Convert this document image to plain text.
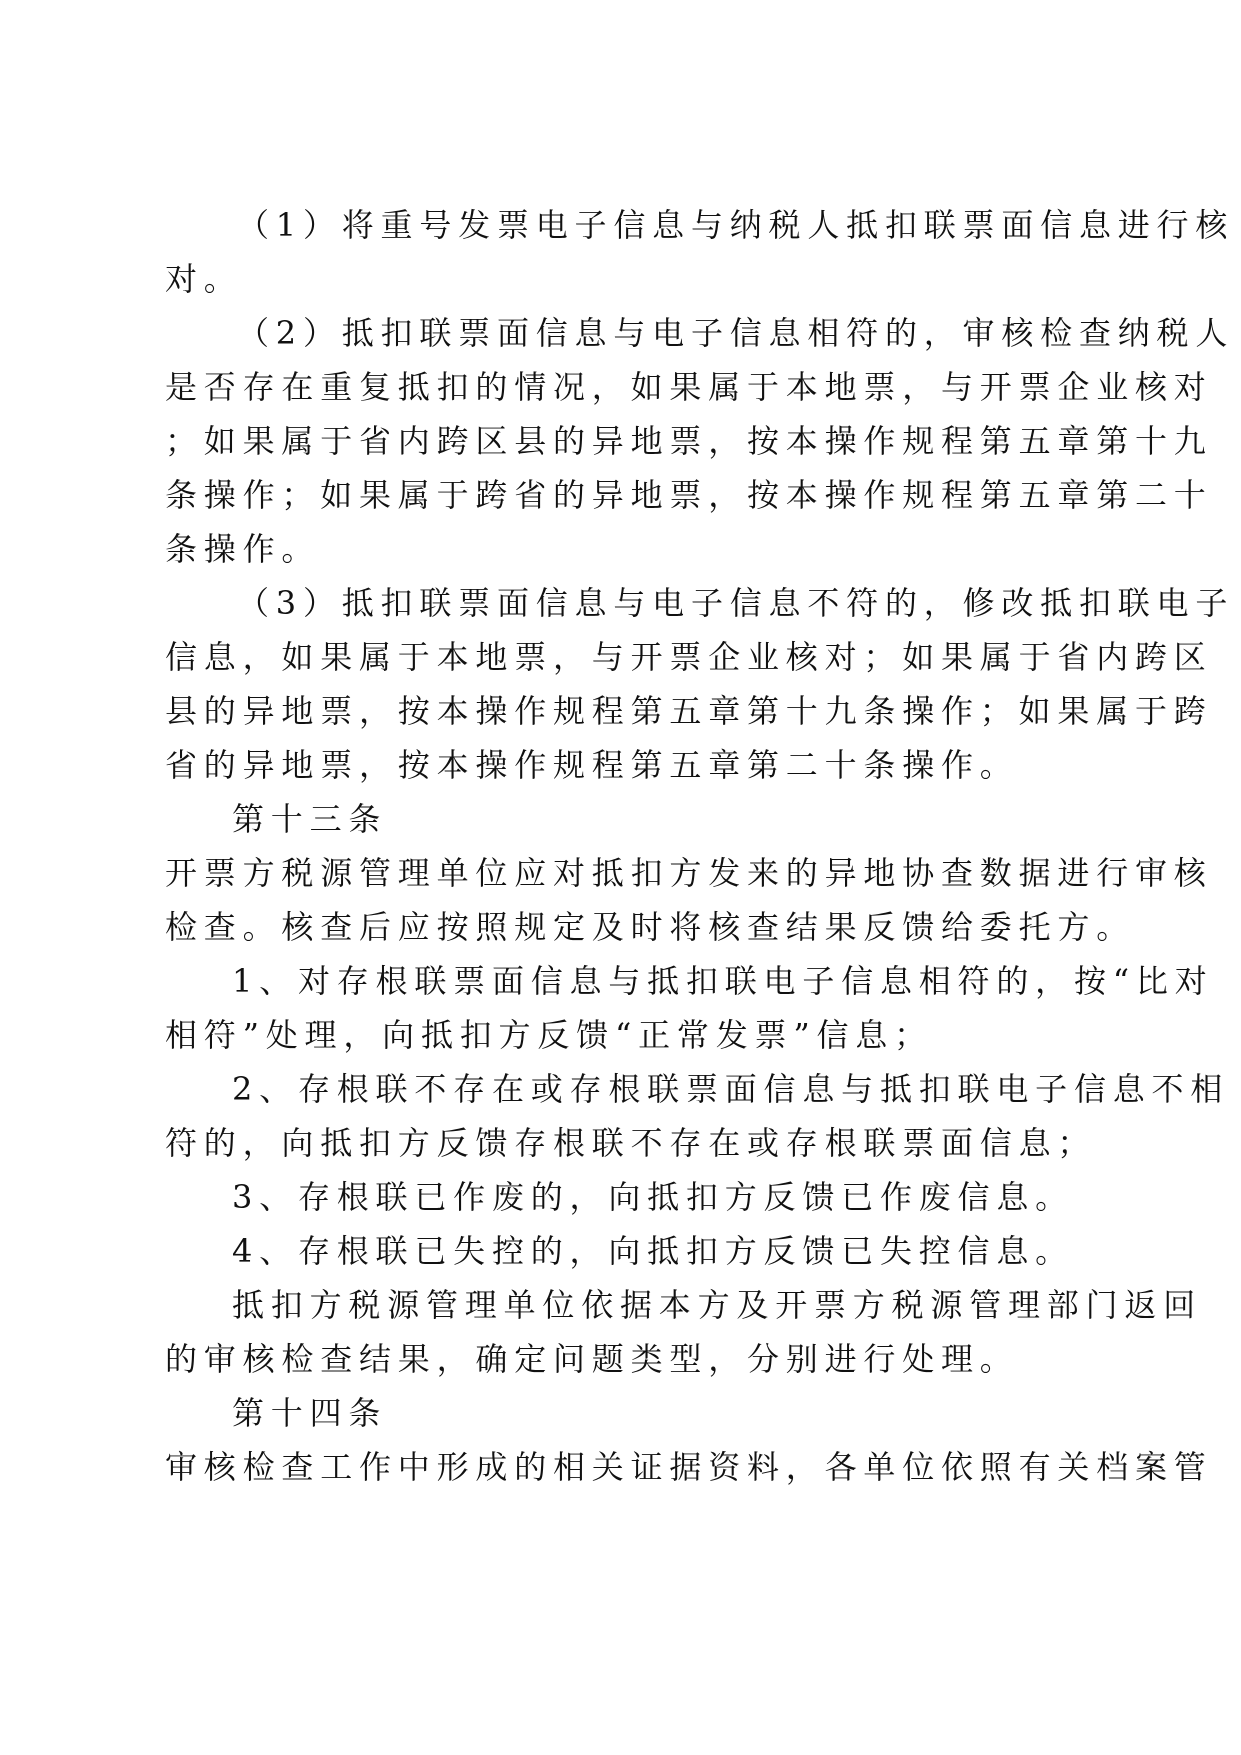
（1）将重号发票电子信息与纳税人抵扣联票面信息进行核
对。
（2）抵扣联票面信息与电子信息相符的，审核检查纳税人
是否存在重复抵扣的情况，如果属于本地票，与开票企业核对
；如果属于省内跨区县的异地票，按本操作规程第五章第十九
条操作；如果属于跨省的异地票，按本操作规程第五章第二十
条操作。
（3）抵扣联票面信息与电子信息不符的，修改抵扣联电子
信息，如果属于本地票，与开票企业核对；如果属于省内跨区
县的异地票，按本操作规程第五章第十九条操作；如果属于跨
省的异地票，按本操作规程第五章第二十条操作。
第十三条
开票方税源管理单位应对抵扣方发来的异地协查数据进行审核
检查。核查后应按照规定及时将核查结果反馈给委托方。
1、对存根联票面信息与抵扣联电子信息相符的，按“比对
相符”处理，向抵扣方反馈“正常发票”信息；
2、存根联不存在或存根联票面信息与抵扣联电子信息不相
符的，向抵扣方反馈存根联不存在或存根联票面信息；
3、存根联已作废的，向抵扣方反馈已作废信息。
4、存根联已失控的，向抵扣方反馈已失控信息。
抵扣方税源管理单位依据本方及开票方税源管理部门返回
的审核检查结果，确定问题类型，分别进行处理。
第十四条
审核检查工作中形成的相关证据资料，各单位依照有关档案管
